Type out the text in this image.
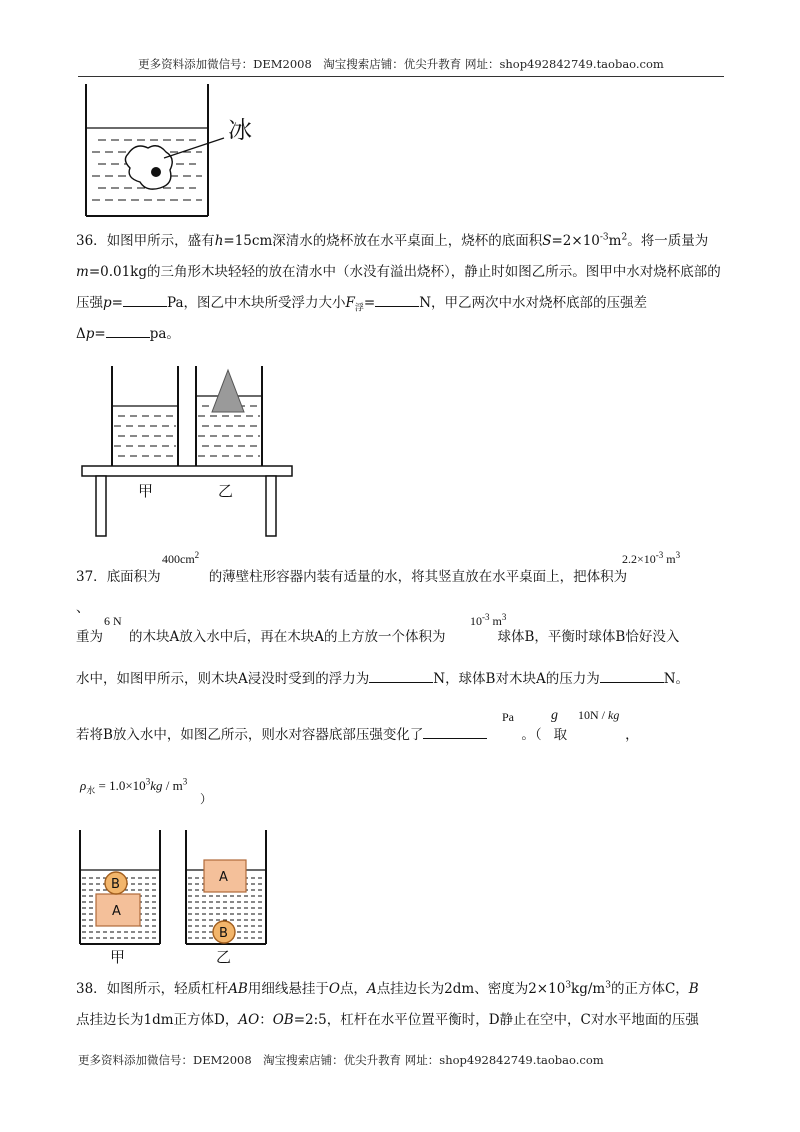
更多资料添加微信号：DEM2008　淘宝搜索店铺：优尖升教育 网址：shop492842749.taobao.com
冰

36．如图甲所示，盛有h=15cm深清水的烧杯放在水平桌面上，烧杯的底面积$S=2\times 10^{-3}m^2$。将一质量为
m=0.01kg的三角形木块轻轻的放在清水中（水没有溢出烧杯），静止时如图乙所示。图甲中水对烧杯底部的压强p=	Pa，图乙中木块所受浮力大小$F_浮=$	N，甲乙两次中水对烧杯底部的压强差
Δp=	pa。

甲	乙

37．底面积为	的薄壁柱形容器内装有适量的水，将其竖直放在水平桌面上，把体积为、

$400cm^2$	$2.2\times 10^{-3}$ $m^3$

重为 的木块A放入水中后，再在木块A的上方放一个体积为	球体B，平衡时球体B恰好没入

6 N	$10^{-3}$ $m^3$

水中，如图甲所示，则木块A浸没时受到的浮力为	N，球体B对木块A的压力为	N。

若将B放入水中，如图乙所示，则水对容器底部压强变化了	。（ 取	，

Pa	g 10N / kg
$\rho_水 = 1.0\times 10^3kg / m^3$
）
A
B	A
B
甲	乙

38．如图所示，轻质杠杆AB用细线悬挂于O点，A点挂边长为2dm、密度为$2\times 10^3kg/m^3$的正方体C，B
点挂边长为1dm正方体D，AO：OB=2:5，杠杆在水平位置平衡时，D静止在空中，C对水平地面的压强

更多资料添加微信号：DEM2008　淘宝搜索店铺：优尖升教育 网址：shop492842749.taobao.com
